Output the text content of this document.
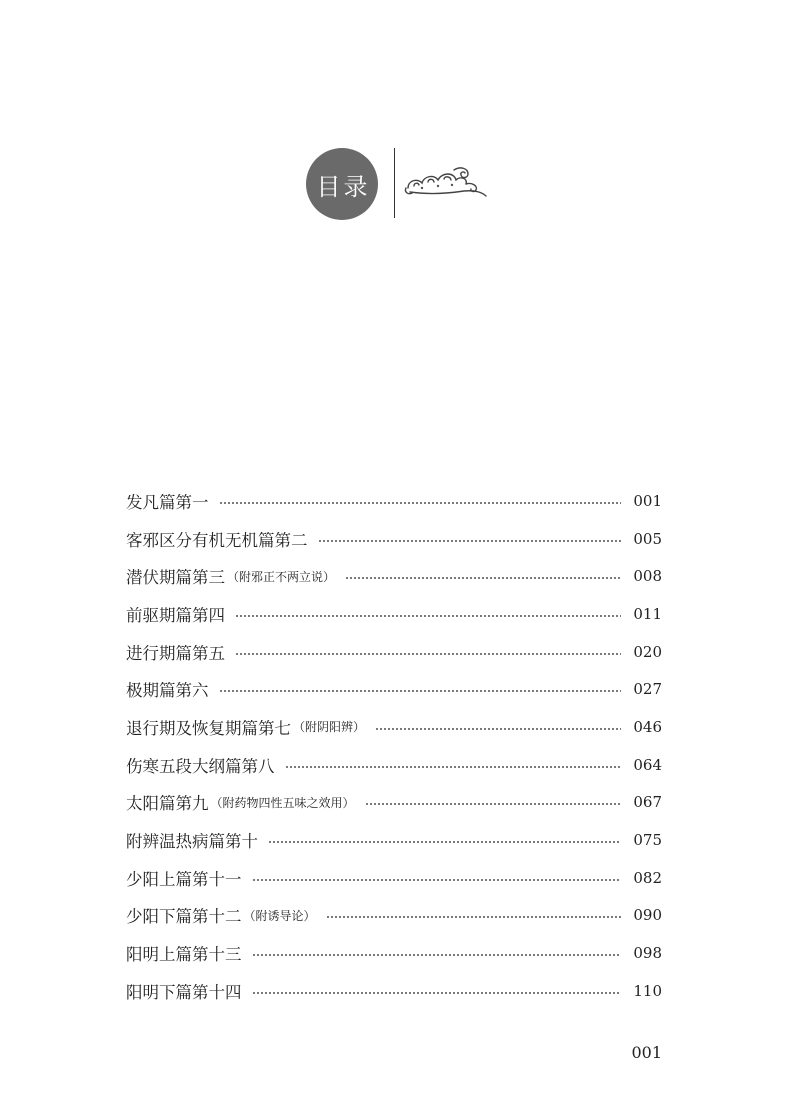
目录
发凡篇第一	001
客邪区分有机无机篇第二	005
潜伏期篇第三 （附邪正不两立说）	008
前驱期篇第四	011
进行期篇第五	020
极期篇第六	027
退行期及恢复期篇第七 （附阴阳辨）	046
伤寒五段大纲篇第八	064
太阳篇第九 （附药物四性五味之效用）	067
附辨温热病篇第十	075
少阳上篇第十一	082
少阳下篇第十二 （附诱导论）	090
阳明上篇第十三	098
阳明下篇第十四	110
001
